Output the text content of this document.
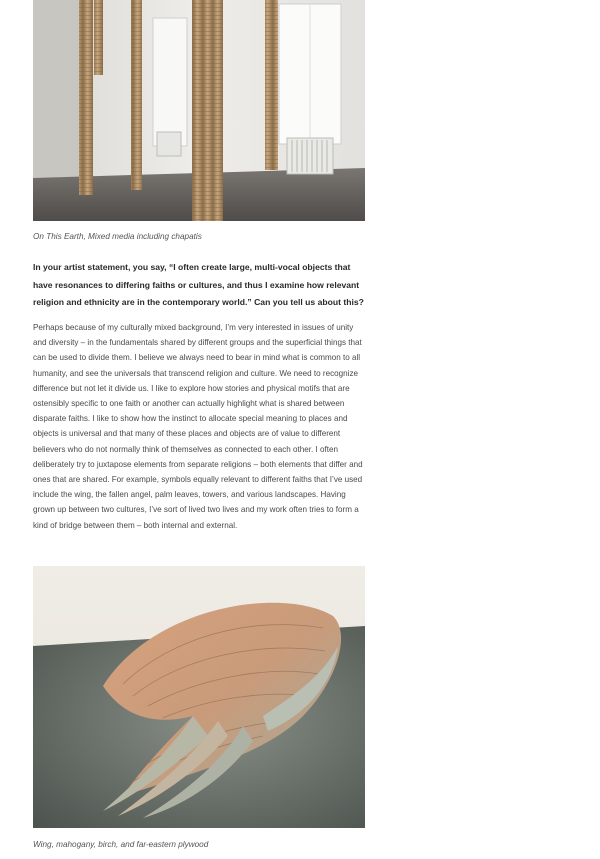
On This Earth, Mixed media including chapatis

In your artist statement, you say, “I often create large, multi-vocal objects that have resonances to differing faiths or cultures, and thus I examine how relevant religion and ethnicity are in the contemporary world.” Can you tell us about this?

Perhaps because of my culturally mixed background, I’m very interested in issues of unity and diversity – in the fundamentals shared by different groups and the superficial things that can be used to divide them. I believe we always need to bear in mind what is common to all humanity, and see the universals that transcend religion and culture. We need to recognize difference but not let it divide us. I like to explore how stories and physical motifs that are ostensibly specific to one faith or another can actually highlight what is shared between disparate faiths. I like to show how the instinct to allocate special meaning to places and objects is universal and that many of these places and objects are of value to different believers who do not normally think of themselves as connected to each other. I often deliberately try to juxtapose elements from separate religions – both elements that differ and ones that are shared. For example, symbols equally relevant to different faiths that I’ve used include the wing, the fallen angel, palm leaves, towers, and various landscapes. Having grown up between two cultures, I’ve sort of lived two lives and my work often tries to form a kind of bridge between them – both internal and external.

Wing, mahogany, birch, and far-eastern plywood
